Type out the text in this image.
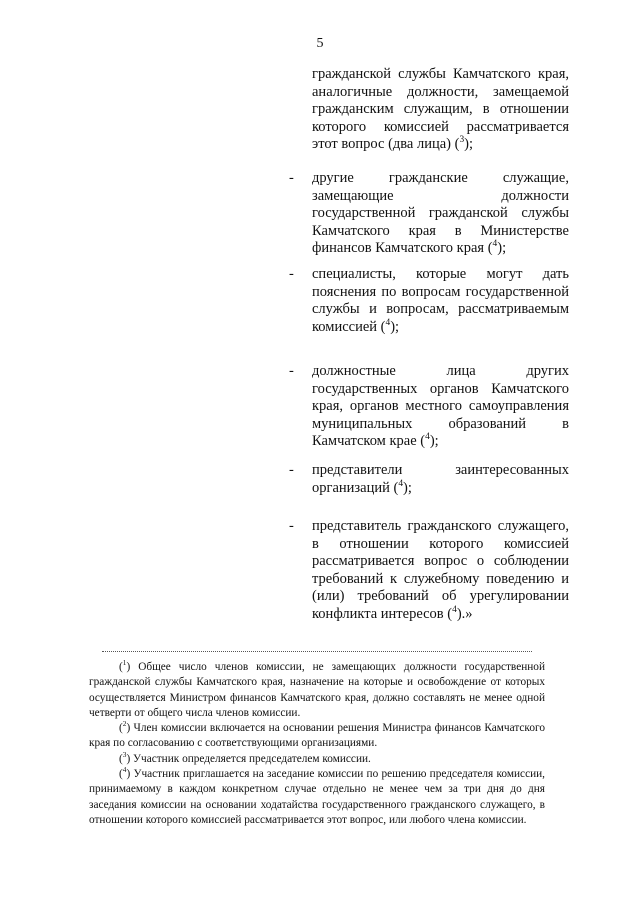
5
гражданской службы Камчатского края, аналогичные должности, замещаемой гражданским служащим, в отношении которого комиссией рассматривается этот вопрос (два лица) ($^3$);
- другие гражданские служащие, замещающие должности государственной гражданской службы Камчатского края в Министерстве финансов Камчатского края ($^4$);
- специалисты, которые могут дать пояснения по вопросам государственной службы и вопросам, рассматриваемым комиссией ($^4$);
- должностные лица других государственных органов Камчатского края, органов местного самоуправления муниципальных образований в Камчатском крае ($^4$);
- представители заинтересованных организаций ($^4$);
- представитель гражданского служащего, в отношении которого комиссией рассматривается вопрос о соблюдении требований к служебному поведению и (или) требований об урегулировании конфликта интересов ($^4$).»

($^1$) Общее число членов комиссии, не замещающих должности государственной гражданской службы Камчатского края, назначение на которые и освобождение от которых осуществляется Министром финансов Камчатского края, должно составлять не менее одной четверти от общего числа членов комиссии.

($^2$) Член комиссии включается на основании решения Министра финансов Камчатского края по согласованию с соответствующими организациями.

($^3$) Участник определяется председателем комиссии.

($^4$) Участник приглашается на заседание комиссии по решению председателя комиссии, принимаемому в каждом конкретном случае отдельно не менее чем за три дня до дня заседания комиссии на основании ходатайства государственного гражданского служащего, в отношении которого комиссией рассматривается этот вопрос, или любого члена комиссии.
